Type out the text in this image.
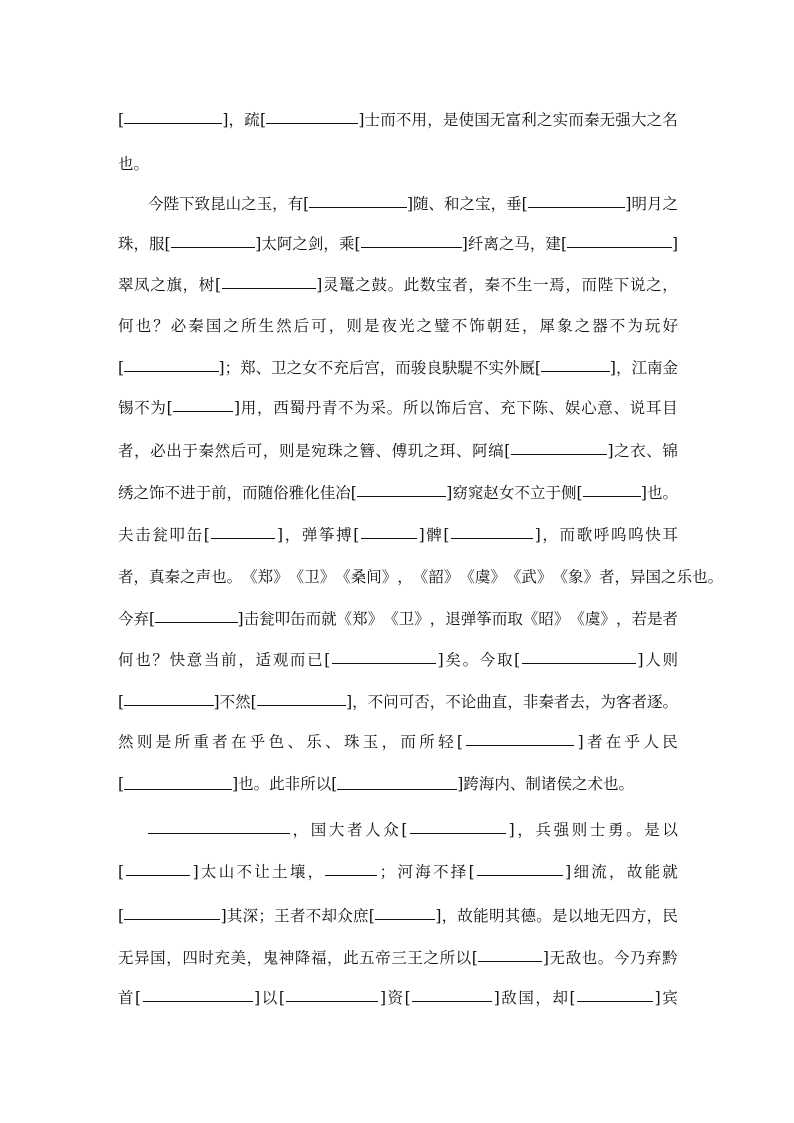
[	] ， 疏 [	] 士 而 不 用 ， 是 使 国 无 富 利 之 实 而 秦 无 强 大 之 名
也。
今 陛 下 致 昆 山 之 玉 ， 有 [	] 随 、 和 之 宝 ， 垂 [	] 明 月 之
珠 ， 服 [	] 太 阿 之 剑 ， 乘 [	] 纤 离 之 马 ， 建 [	]
翠 凤 之 旗 ， 树 [	] 灵 鼍 之 鼓 。 此 数 宝 者 ， 秦 不 生 一 焉 ， 而 陛 下 说 之 ，
何 也 ？ 必 秦 国 之 所 生 然 后 可 ， 则 是 夜 光 之 璧 不 饰 朝 廷 ， 犀 象 之 器 不 为 玩 好
[	] ； 郑 、 卫 之 女 不 充 后 宫 ， 而 骏 良 駃 騠 不 实 外 厩 [	] ， 江 南 金
锡 不 为 [	] 用 ， 西 蜀 丹 青 不 为 采 。 所 以 饰 后 宫 、 充 下 陈 、 娱 心 意 、 说 耳 目
者 ， 必 出 于 秦 然 后 可 ， 则 是 宛 珠 之 簪 、 傅 玑 之 珥 、 阿 缟 [	] 之 衣 、 锦
绣 之 饰 不 进 于 前 ， 而 随 俗 雅 化 佳 冶 [	] 窈 窕 赵 女 不 立 于 侧 [	] 也 。
夫 击 瓮 叩 缶 [	] ， 弹 筝 搏 [	] 髀 [	] ， 而 歌 呼 呜 呜 快 耳
者 ， 真 秦 之 声 也 。 《 郑 》 《 卫 》 《 桑 间 》 ， 《 韶 》 《 虞 》 《 武 》 《 象 》 者 ， 异 国 之 乐 也 。
今 弃 [	] 击 瓮 叩 缶 而 就 《 郑 》 《 卫 》 ， 退 弹 筝 而 取 《 昭 》 《 虞 》 ， 若 是 者
何 也 ？ 快 意 当 前 ， 适 观 而 已 [	] 矣 。 今 取 [	] 人 则
[	] 不 然 [	] ， 不 问 可 否 ， 不 论 曲 直 ， 非 秦 者 去 ， 为 客 者 逐 。
然 则 是 所 重 者 在 乎 色 、 乐 、 珠 玉 ， 而 所 轻 [	] 者 在 乎 人 民
[	]也。此非所以[	]跨海内、制诸侯之术也。
， 国 大 者 人 众 [	] ， 兵 强 则 士 勇 。 是 以
[	] 太 山 不 让 土 壤 ，	； 河 海 不 择 [	] 细 流 ， 故 能 就
[	] 其 深 ； 王 者 不 却 众 庶 [	] ， 故 能 明 其 德 。 是 以 地 无 四 方 ， 民
无 异 国 ， 四 时 充 美 ， 鬼 神 降 福 ， 此 五 帝 三 王 之 所 以 [	] 无 敌 也 。 今 乃 弃 黔
首 [	] 以 [	] 资 [	] 敌 国 ， 却 [	] 宾
